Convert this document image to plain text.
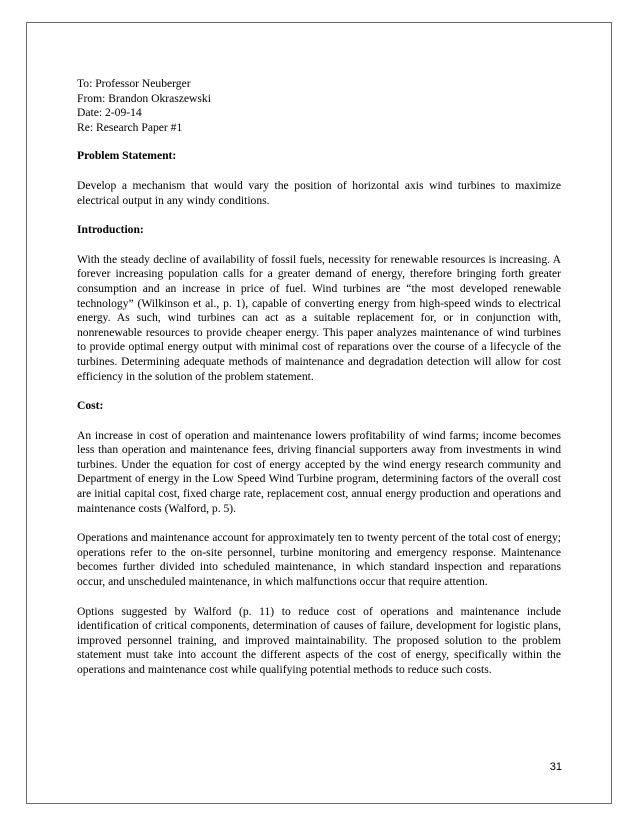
To: Professor Neuberger

From: Brandon Okraszewski

Date: 2-09-14

Re: Research Paper #1

Problem Statement:

Develop a mechanism that would vary the position of horizontal axis wind turbines to maximize electrical output in any windy conditions.

Introduction:

With the steady decline of availability of fossil fuels, necessity for renewable resources is increasing. A forever increasing population calls for a greater demand of energy, therefore bringing forth greater consumption and an increase in price of fuel. Wind turbines are “the most developed renewable technology” (Wilkinson et al., p. 1), capable of converting energy from high-speed winds to electrical energy. As such, wind turbines can act as a suitable replacement for, or in conjunction with, nonrenewable resources to provide cheaper energy. This paper analyzes maintenance of wind turbines to provide optimal energy output with minimal cost of reparations over the course of a lifecycle of the turbines. Determining adequate methods of maintenance and degradation detection will allow for cost efficiency in the solution of the problem statement.

Cost:

An increase in cost of operation and maintenance lowers profitability of wind farms; income becomes less than operation and maintenance fees, driving financial supporters away from investments in wind turbines. Under the equation for cost of energy accepted by the wind energy research community and Department of energy in the Low Speed Wind Turbine program, determining factors of the overall cost are initial capital cost, fixed charge rate, replacement cost, annual energy production and operations and maintenance costs (Walford, p. 5).

Operations and maintenance account for approximately ten to twenty percent of the total cost of energy; operations refer to the on-site personnel, turbine monitoring and emergency response. Maintenance becomes further divided into scheduled maintenance, in which standard inspection and reparations occur, and unscheduled maintenance, in which malfunctions occur that require attention.

Options suggested by Walford (p. 11) to reduce cost of operations and maintenance include identification of critical components, determination of causes of failure, development for logistic plans, improved personnel training, and improved maintainability. The proposed solution to the problem statement must take into account the different aspects of the cost of energy, specifically within the operations and maintenance cost while qualifying potential methods to reduce such costs.

31
